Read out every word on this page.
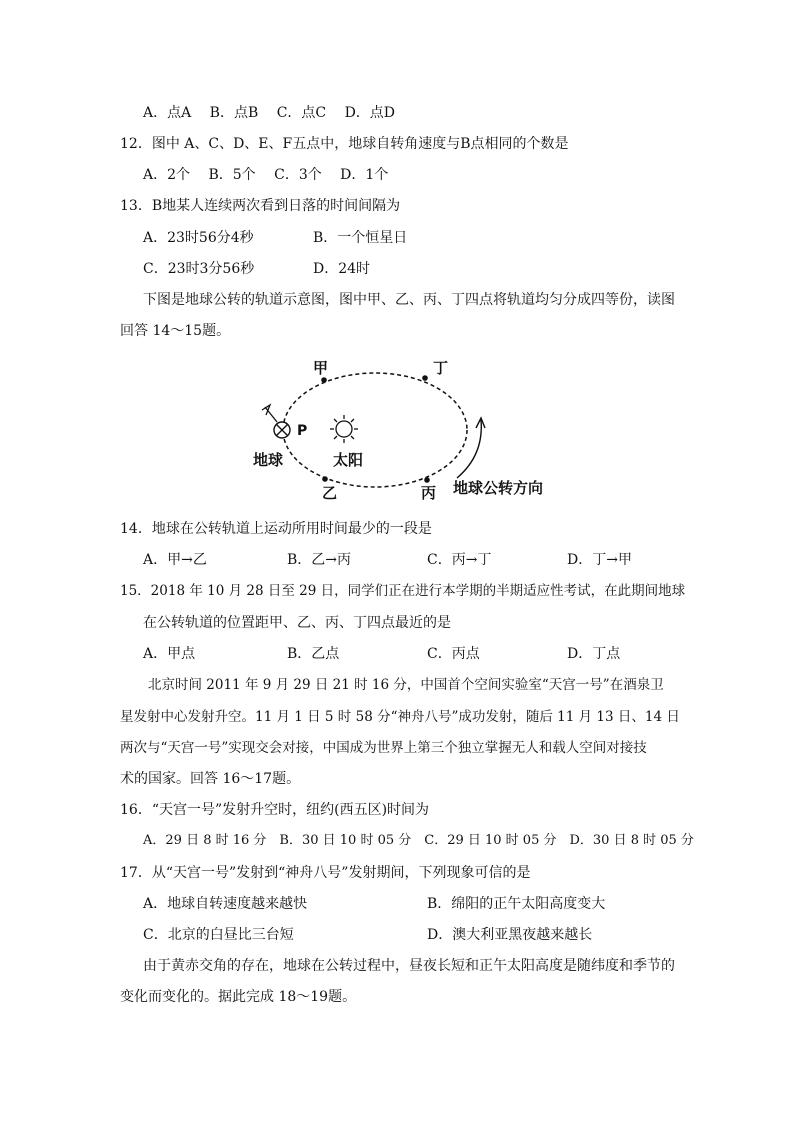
A．点A　 B．点B　 C．点C　 D．点D
12．图中 A、C、D、E、F五点中，地球自转角速度与B点相同的个数是
A．2个　 B．5个　 C．3个　 D．1个
13．B地某人连续两次看到日落的时间间隔为
A．23时56分4秒	B．一个恒星日
C．23时3分56秒	D．24时
下图是地球公转的轨道示意图，图中甲、乙、丙、丁四点将轨道均匀分成四等份，读图
回答 14～15题。
甲	丁
乙	丙
P
地球	太阳
地球公转方向
14．地球在公转轨道上运动所用时间最少的一段是
A．甲→乙	B．乙→丙	C．丙→丁	D．丁→甲
15．2018 年 10 月 28 日至 29 日，同学们正在进行本学期的半期适应性考试，在此期间地球
在公转轨道的位置距甲、乙、丙、丁四点最近的是
A．甲点	B．乙点	C．丙点	D．丁点
北京时间 2011 年 9 月 29 日 21 时 16 分，中国首个空间实验室“天宫一号”在酒泉卫
星发射中心发射升空。11 月 1 日 5 时 58 分“神舟八号”成功发射，随后 11 月 13 日、14 日
两次与“天宫一号”实现交会对接，中国成为世界上第三个独立掌握无人和载人空间对接技
术的国家。回答 16～17题。
16．“天宫一号”发射升空时，纽约(西五区)时间为
A．29 日 8 时 16 分　B．30 日 10 时 05 分　C．29 日 10 时 05 分　D．30 日 8 时 05 分
17．从“天宫一号”发射到“神舟八号”发射期间，下列现象可信的是
A．地球自转速度越来越快	B．绵阳的正午太阳高度变大
C．北京的白昼比三台短	D．澳大利亚黑夜越来越长
由于黄赤交角的存在，地球在公转过程中，昼夜长短和正午太阳高度是随纬度和季节的
变化而变化的。据此完成 18～19题。
